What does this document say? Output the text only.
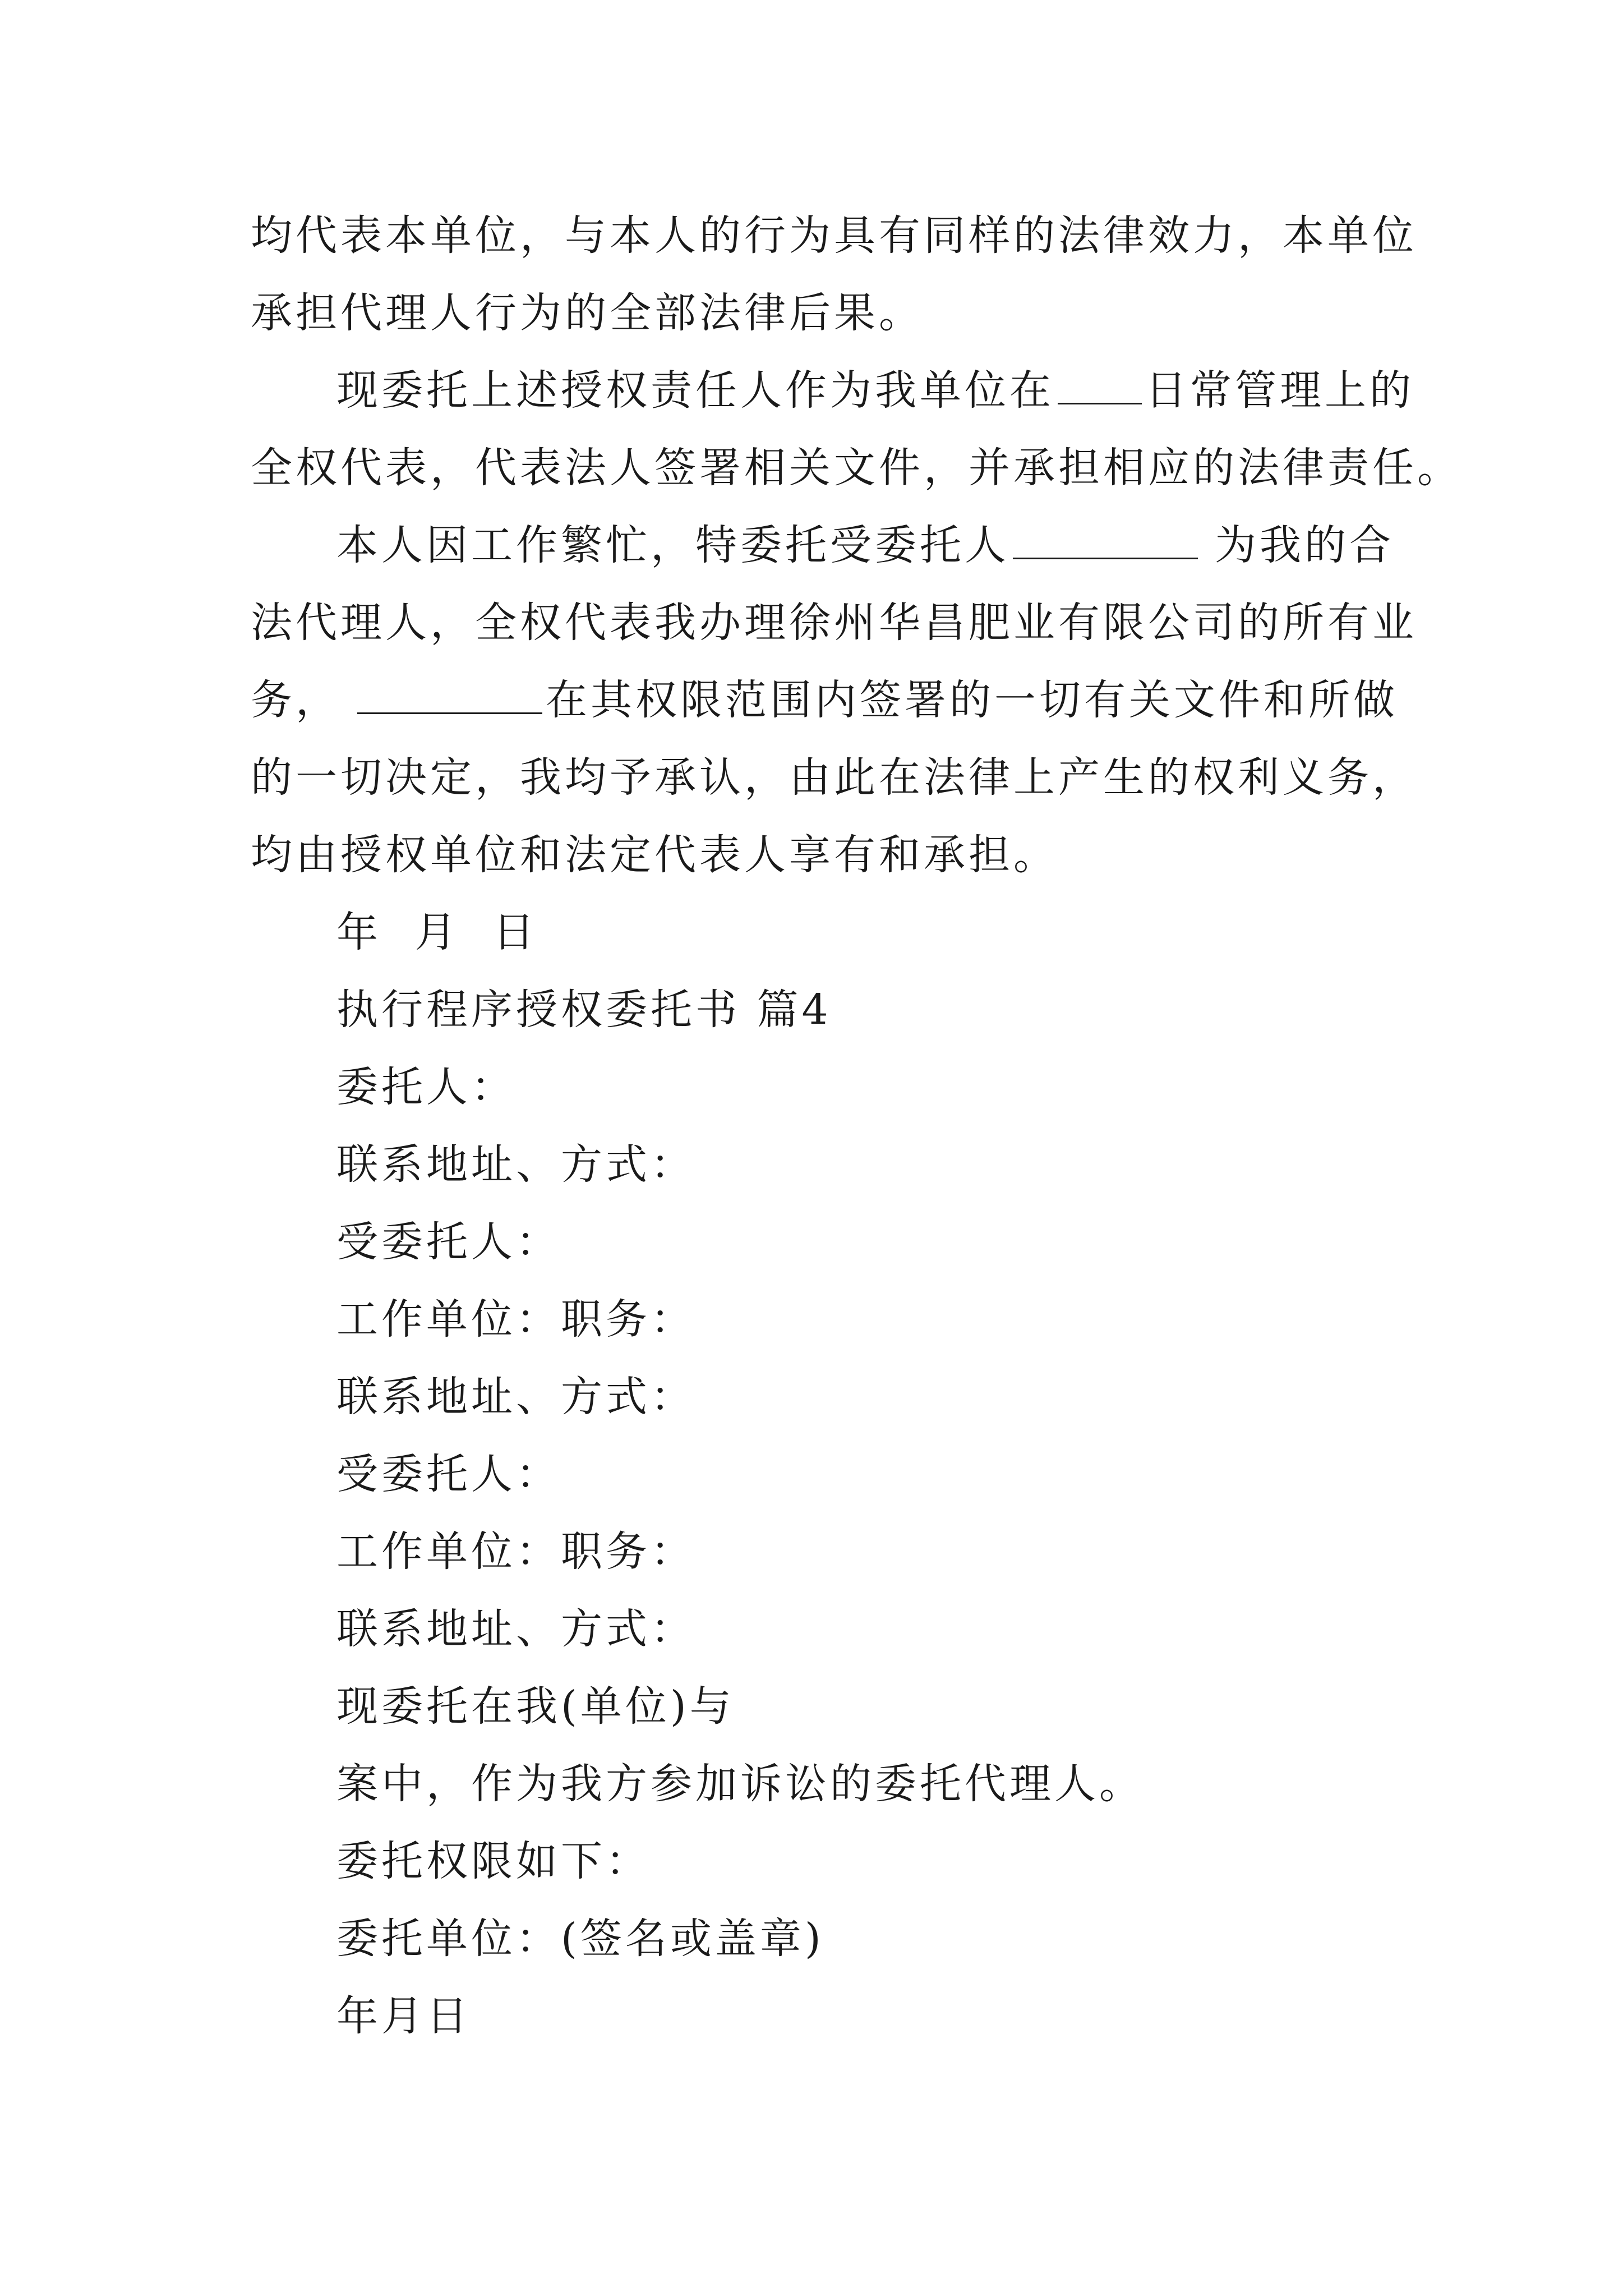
均代表本单位，与本人的行为具有同样的法律效力，本单位
承担代理人行为的全部法律后果。
现委托上述授权责任人作为我单位在 日常管理上的
全权代表，代表法人签署相关文件，并承担相应的法律责任。
本人因工作繁忙，特委托受委托人	为我的合
法代理人，全权代表我办理徐州华昌肥业有限公司的所有业
务，	在其权限范围内签署的一切有关文件和所做
的一切决定，我均予承认，由此在法律上产生的权利义务，
均由授权单位和法定代表人享有和承担。
年 月 日
执行程序授权委托书 篇4
委托人：
联系地址、方式：
受委托人：
工作单位：职务：
联系地址、方式：
受委托人：
工作单位：职务：
联系地址、方式：
现委托在我(单位)与
案中，作为我方参加诉讼的委托代理人。
委托权限如下：
委托单位：(签名或盖章)
年月日
